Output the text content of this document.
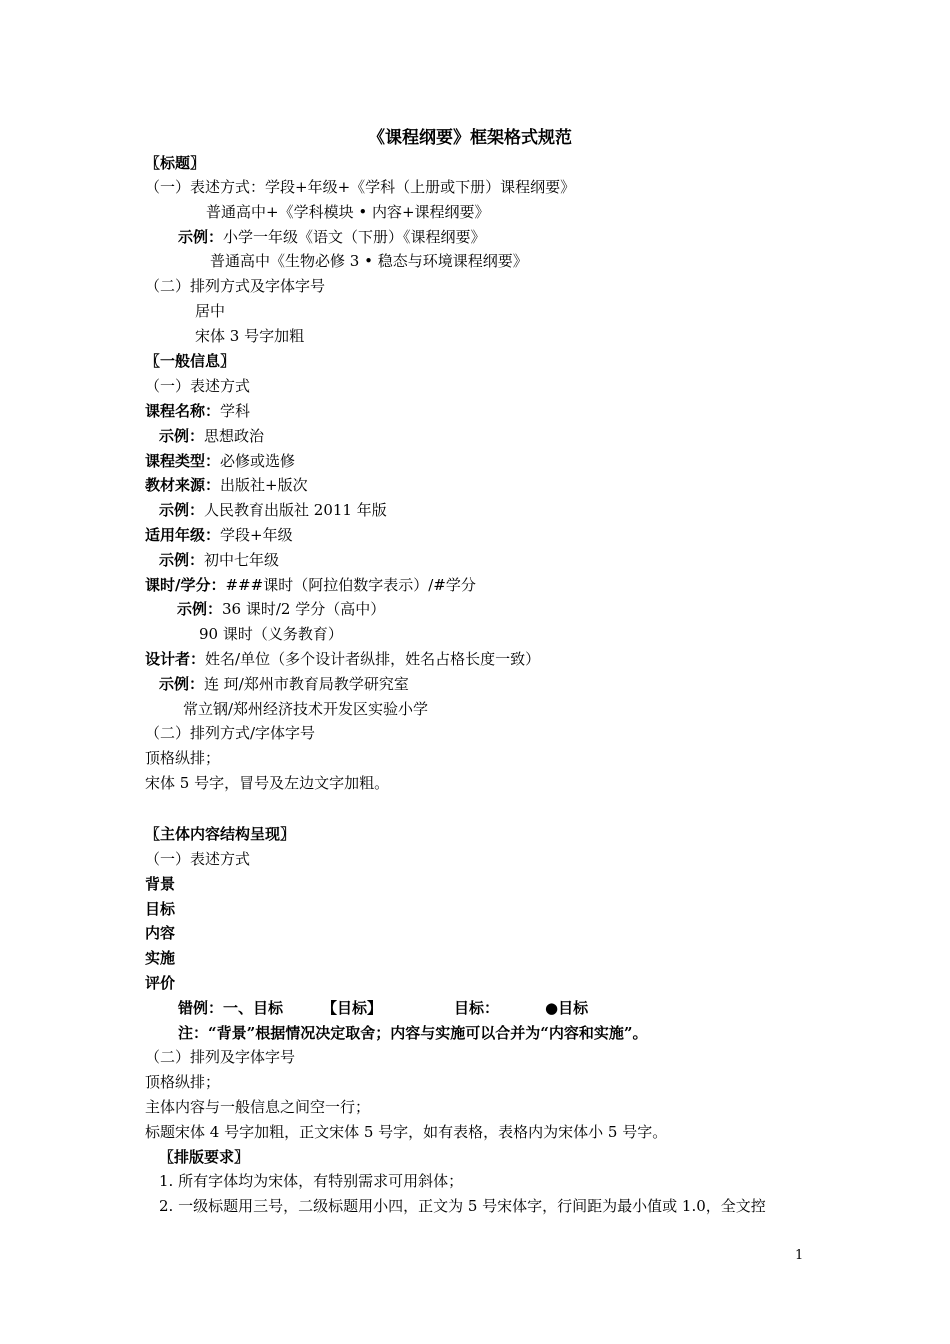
《课程纲要》框架格式规范
〖标题〗
（一）表述方式：学段+年级+《学科（上册或下册）课程纲要》
普通高中+《学科模块 • 内容+课程纲要》
示例：小学一年级《语文（下册）《课程纲要》
普通高中《生物必修 3 • 稳态与环境课程纲要》
（二）排列方式及字体字号
居中
宋体 3 号字加粗
〖一般信息〗
（一）表述方式
课程名称：学科
示例：思想政治
课程类型：必修或选修
教材来源：出版社+版次
示例：人民教育出版社 2011 年版
适用年级：学段+年级
示例：初中七年级
课时/学分：###课时（阿拉伯数字表示）/#学分
示例：36 课时/2 学分（高中）
90 课时（义务教育）
设计者：姓名/单位（多个设计者纵排，姓名占格长度一致）
示例：连 珂/郑州市教育局教学研究室
常立钢/郑州经济技术开发区实验小学
（二）排列方式/字体字号
顶格纵排；
宋体 5 号字，冒号及左边文字加粗。
〖主体内容结构呈现〗
（一）表述方式
背景
目标
内容
实施
评价
错例：一、目标	【目标】	目标：	●目标
注：“背景”根据情况决定取舍；内容与实施可以合并为“内容和实施”。
（二）排列及字体字号
顶格纵排；
主体内容与一般信息之间空一行；
标题宋体 4 号字加粗，正文宋体 5 号字，如有表格，表格内为宋体小 5 号字。
〖排版要求〗
1. 所有字体均为宋体，有特别需求可用斜体；
2. 一级标题用三号，二级标题用小四，正文为 5 号宋体字，行间距为最小值或 1.0，全文控
1
